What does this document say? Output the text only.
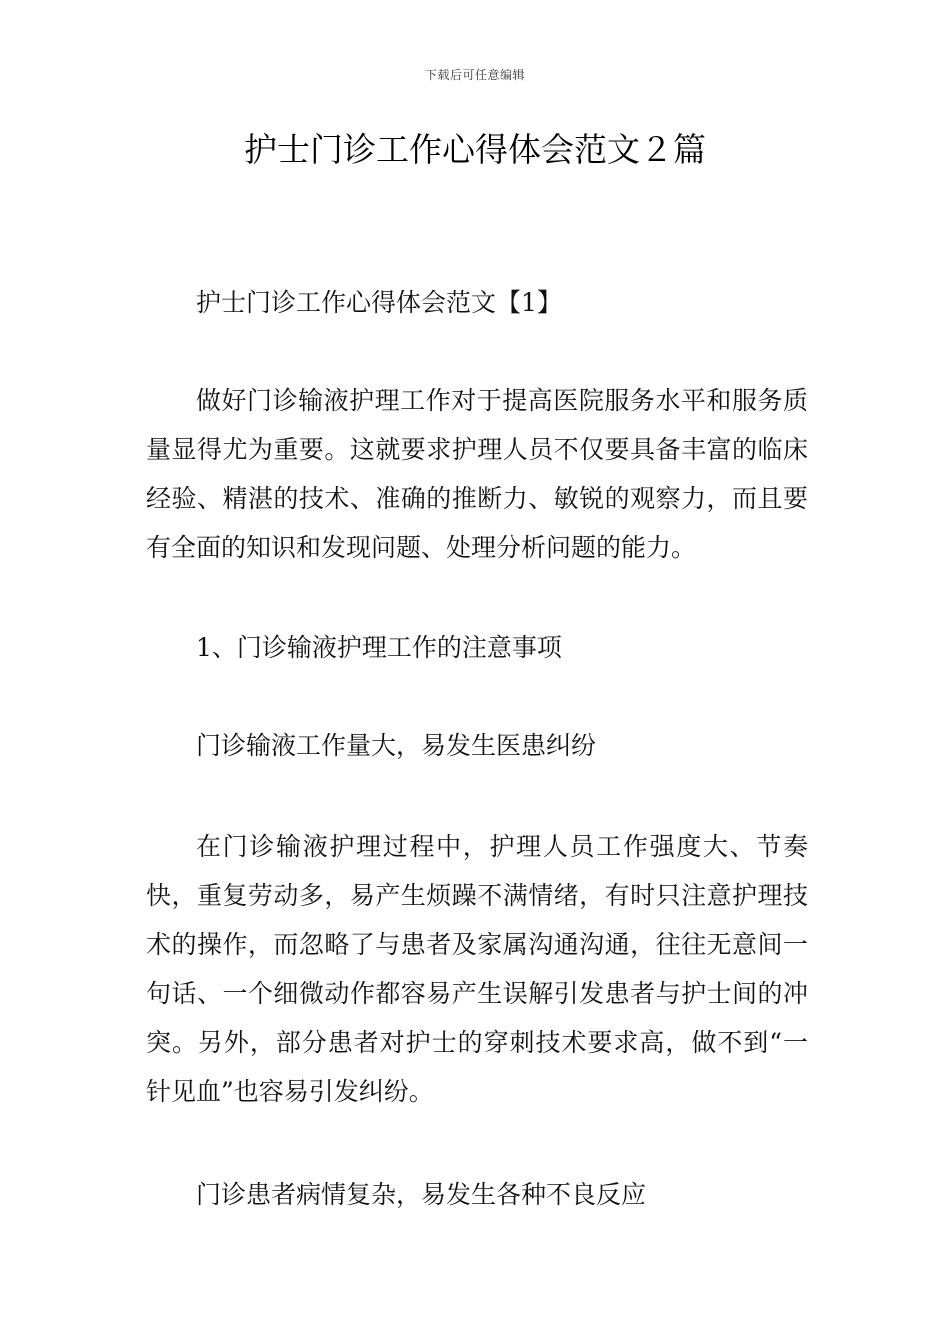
下载后可任意编辑
护士门诊工作心得体会范文２篇

护士门诊工作心得体会范文【1】

做好门诊输液护理工作对于提高医院服务水平和服务质量显得尤为重要。这就要求护理人员不仅要具备丰富的临床经验、精湛的技术、准确的推断力、敏锐的观察力，而且要有全面的知识和发现问题、处理分析问题的能力。

1、门诊输液护理工作的注意事项

门诊输液工作量大，易发生医患纠纷

在门诊输液护理过程中，护理人员工作强度大、节奏快，重复劳动多，易产生烦躁不满情绪，有时只注意护理技术的操作，而忽略了与患者及家属沟通沟通，往往无意间一句话、一个细微动作都容易产生误解引发患者与护士间的冲突。另外，部分患者对护士的穿刺技术要求高，做不到“一针见血”也容易引发纠纷。

门诊患者病情复杂，易发生各种不良反应
